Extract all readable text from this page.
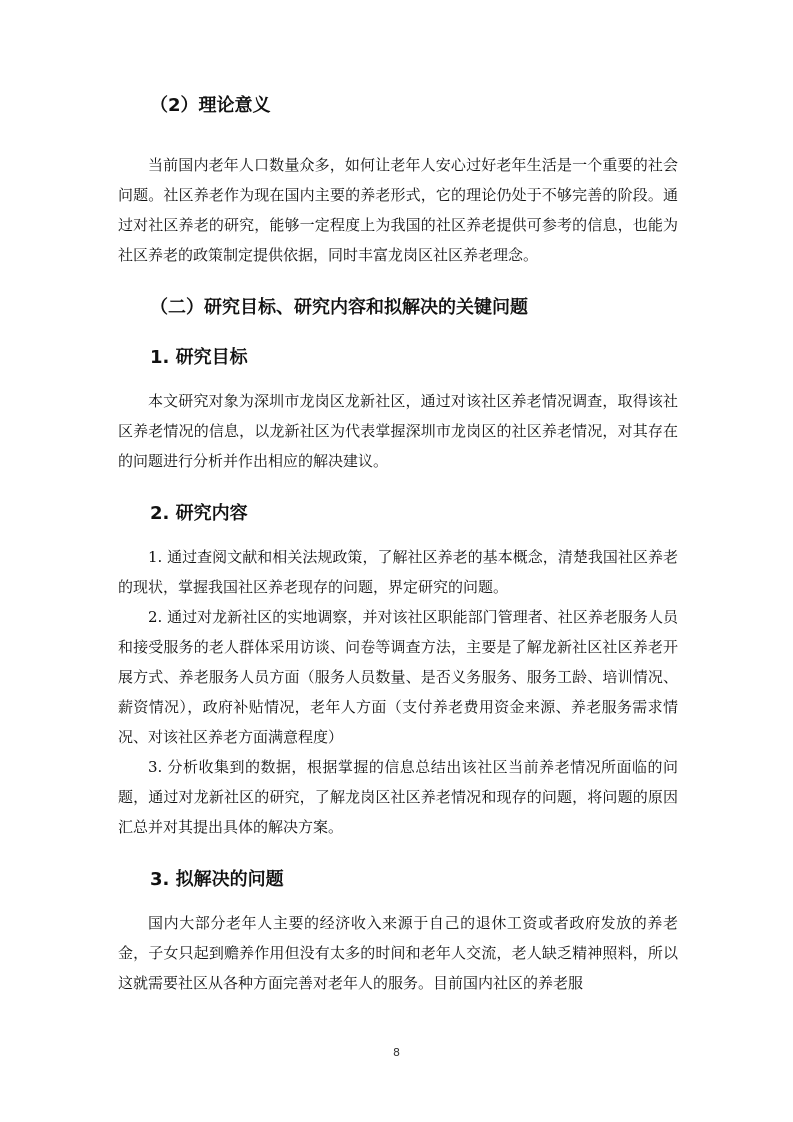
（2）理论意义

当前国内老年人口数量众多，如何让老年人安心过好老年生活是一个重要的社会问题。社区养老作为现在国内主要的养老形式，它的理论仍处于不够完善的阶段。通过对社区养老的研究，能够一定程度上为我国的社区养老提供可参考的信息，也能为社区养老的政策制定提供依据，同时丰富龙岗区社区养老理念。

（二）研究目标、研究内容和拟解决的关键问题
1. 研究目标

本文研究对象为深圳市龙岗区龙新社区，通过对该社区养老情况调查，取得该社区养老情况的信息，以龙新社区为代表掌握深圳市龙岗区的社区养老情况，对其存在的问题进行分析并作出相应的解决建议。

2. 研究内容

1. 通过查阅文献和相关法规政策，了解社区养老的基本概念，清楚我国社区养老的现状，掌握我国社区养老现存的问题，界定研究的问题。

2. 通过对龙新社区的实地调察，并对该社区职能部门管理者、社区养老服务人员和接受服务的老人群体采用访谈、问卷等调查方法，主要是了解龙新社区社区养老开展方式、养老服务人员方面（服务人员数量、是否义务服务、服务工龄、培训情况、薪资情况），政府补贴情况，老年人方面（支付养老费用资金来源、养老服务需求情况、对该社区养老方面满意程度）

3. 分析收集到的数据，根据掌握的信息总结出该社区当前养老情况所面临的问题，通过对龙新社区的研究，了解龙岗区社区养老情况和现存的问题，将问题的原因汇总并对其提出具体的解决方案。

3. 拟解决的问题

国内大部分老年人主要的经济收入来源于自己的退休工资或者政府发放的养老金，子女只起到赡养作用但没有太多的时间和老年人交流，老人缺乏精神照料，所以这就需要社区从各种方面完善对老年人的服务。目前国内社区的养老服

8
